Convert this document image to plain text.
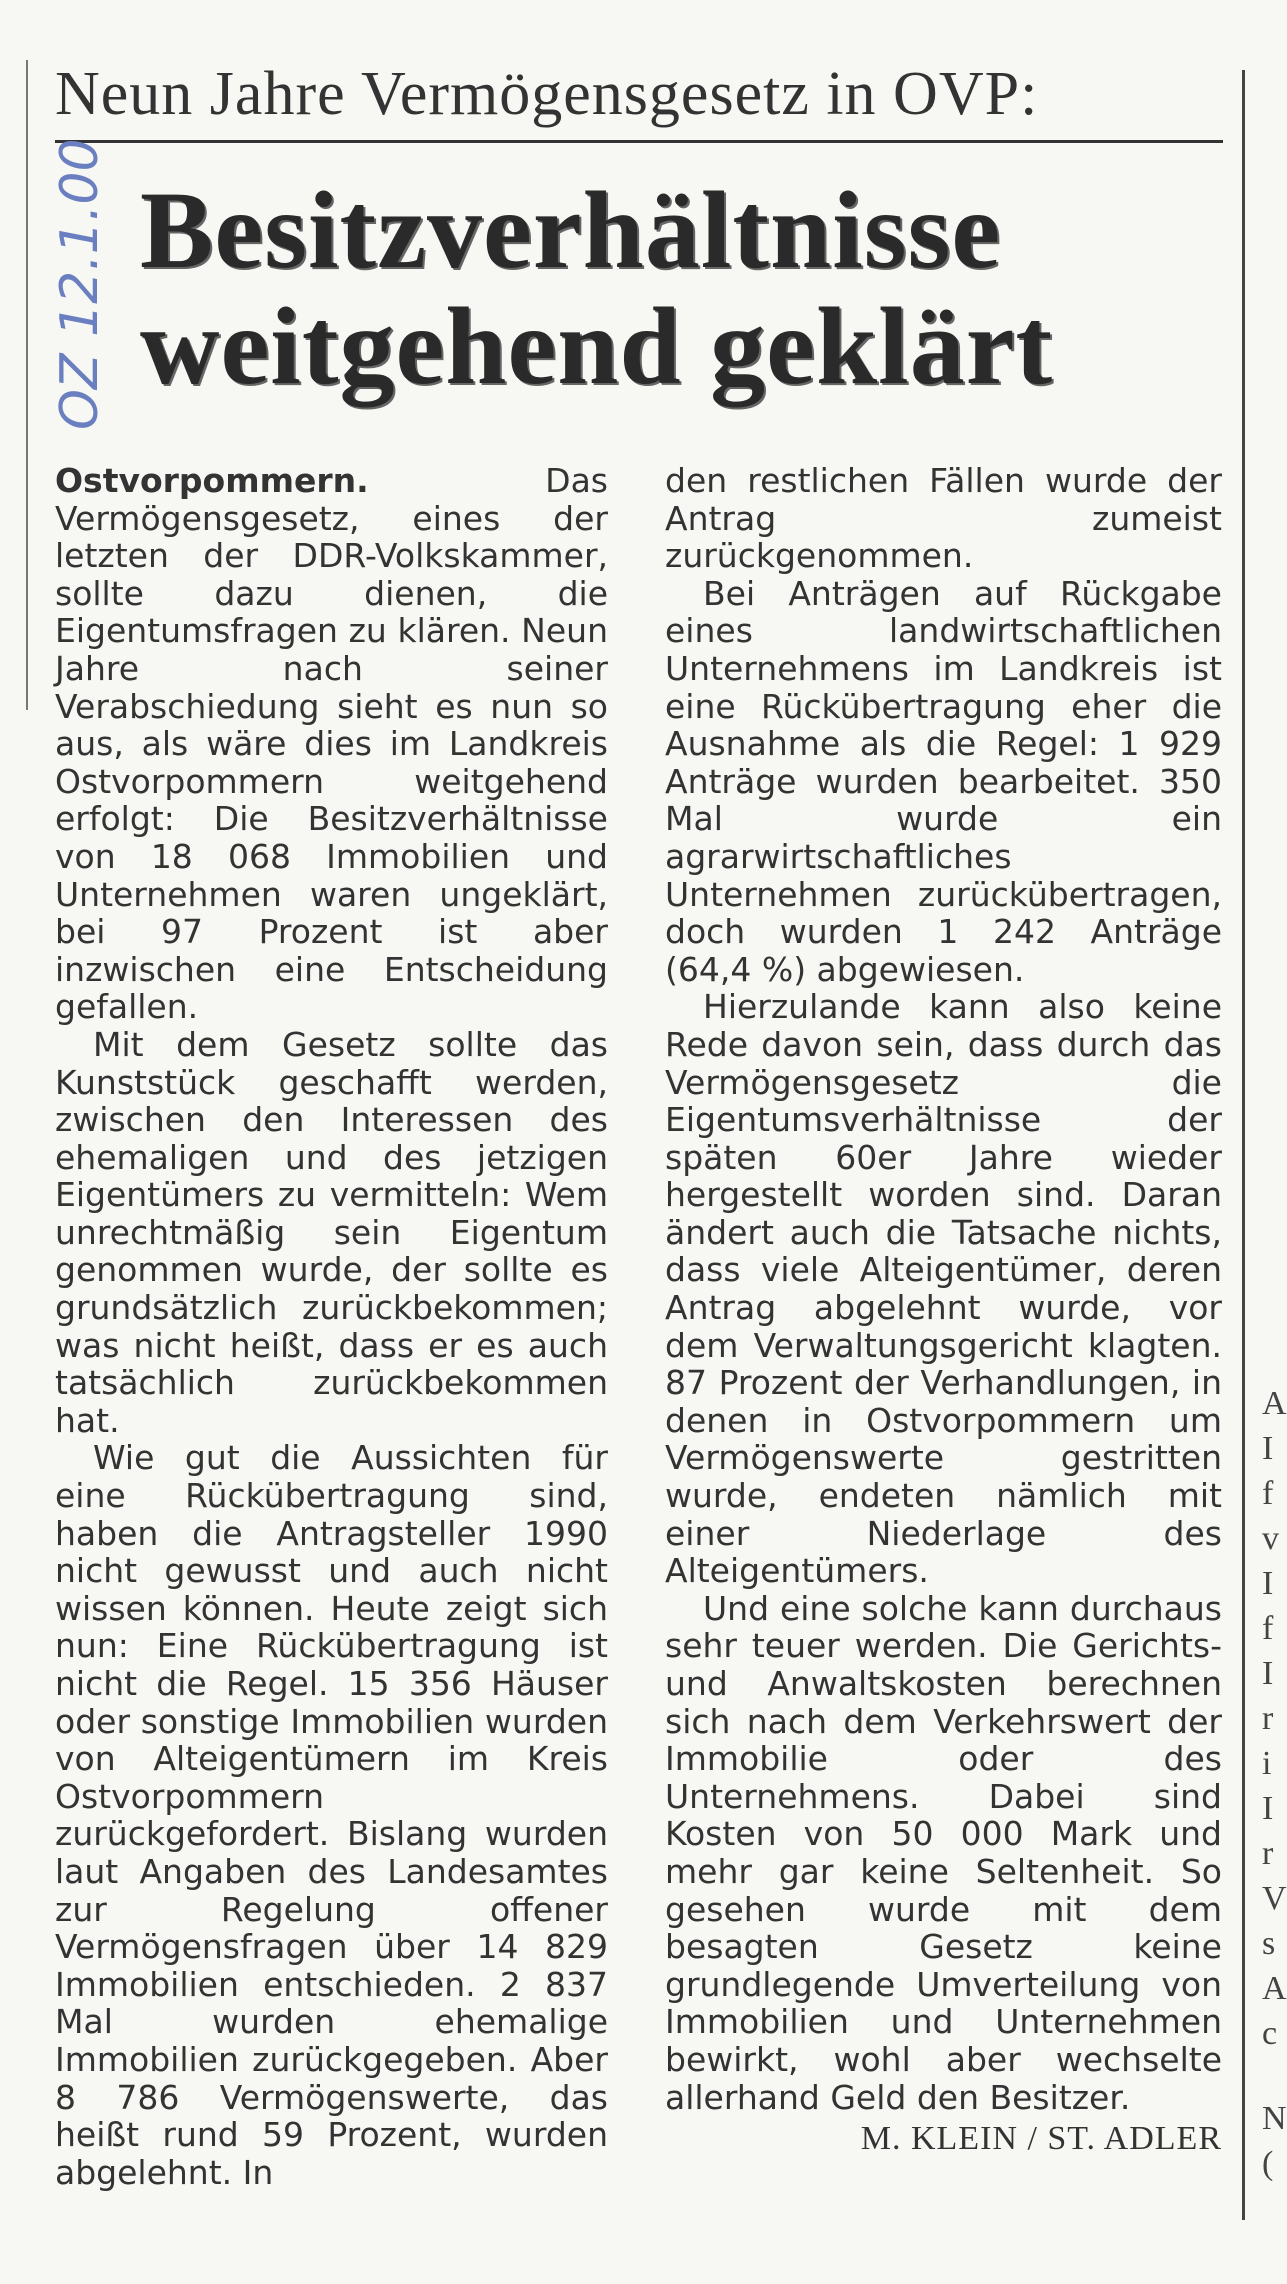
Neun Jahre Vermögensgesetz in OVP:
OZ 12.1.00 Besitzverhältnisse
weitgehend geklärt

Ostvorpommern. Das Vermögensgesetz, eines der letzten der DDR-Volkskammer, sollte dazu dienen, die Eigentumsfragen zu klären. Neun Jahre nach seiner Verabschiedung sieht es nun so aus, als wäre dies im Landkreis Ostvorpommern weitgehend erfolgt: Die Besitzverhältnisse von 18 068 Immobilien und Unternehmen waren ungeklärt, bei 97 Prozent ist aber inzwischen eine Entscheidung gefallen.

Mit dem Gesetz sollte das Kunststück geschafft werden, zwischen den Interessen des ehemaligen und des jetzigen Eigentümers zu vermitteln: Wem unrechtmäßig sein Eigentum genommen wurde, der sollte es grundsätzlich zurückbekommen; was nicht heißt, dass er es auch tatsächlich zurückbekommen hat.

Wie gut die Aussichten für eine Rückübertragung sind, haben die Antragsteller 1990 nicht gewusst und auch nicht wissen können. Heute zeigt sich nun: Eine Rückübertragung ist nicht die Regel. 15 356 Häuser oder sonstige Immobilien wurden von Alteigentümern im Kreis Ostvorpommern zurückgefordert. Bislang wurden laut Angaben des Landesamtes zur Regelung offener Vermögensfragen über 14 829 Immobilien entschieden. 2 837 Mal wurden ehemalige Immobilien zurückgegeben. Aber 8 786 Vermögenswerte, das heißt rund 59 Prozent, wurden abgelehnt. In

den restlichen Fällen wurde der Antrag zumeist zurückgenommen.

Bei Anträgen auf Rückgabe eines landwirtschaftlichen Unternehmens im Landkreis ist eine Rückübertragung eher die Ausnahme als die Regel: 1 929 Anträge wurden bearbeitet. 350 Mal wurde ein agrarwirtschaftliches Unternehmen zurückübertragen, doch wurden 1 242 Anträge (64,4 %) abgewiesen.

Hierzulande kann also keine Rede davon sein, dass durch das Vermögensgesetz die Eigentumsverhältnisse der späten 60er Jahre wieder hergestellt worden sind. Daran ändert auch die Tatsache nichts, dass viele Alteigentümer, deren Antrag abgelehnt wurde, vor dem Verwaltungsgericht klagten. 87 Prozent der Verhandlungen, in denen in Ostvorpommern um Vermögenswerte gestritten wurde, endeten nämlich mit einer Niederlage des Alteigentümers.

Und eine solche kann durchaus sehr teuer werden. Die Gerichts- und Anwaltskosten berechnen sich nach dem Verkehrswert der Immobilie oder des Unternehmens. Dabei sind Kosten von 50 000 Mark und mehr gar keine Seltenheit. So gesehen wurde mit dem besagten Gesetz keine grundlegende Umverteilung von Immobilien und Unternehmen bewirkt, wohl aber wechselte allerhand Geld den Besitzer.

M. KLEIN / ST. ADLER
A
I
f
v
I
f
I
r
i
I
r
V
s
A
c
N
(
